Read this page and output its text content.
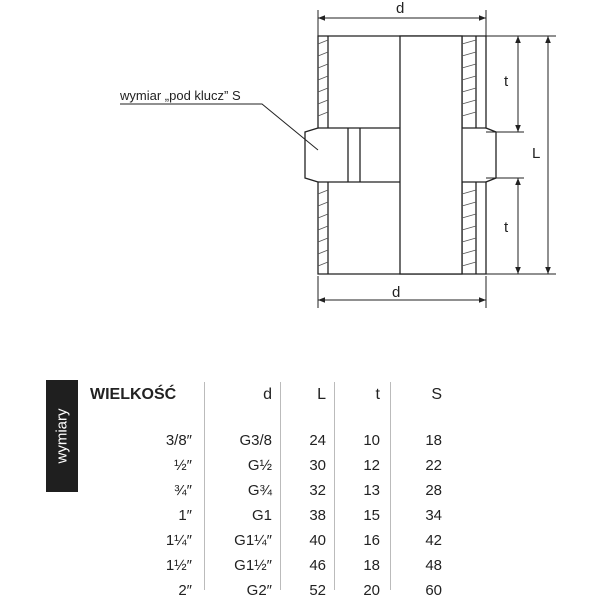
d
d
t
t
L
wymiar „pod klucz” S
wymiary
WIELKOŚĆ	d	L	t	S
3/8″	G3/8	24	10	18
½″	G½	30	12	22
¾″	G¾	32	13	28
1″	G1	38	15	34
1¼″	G1¼″	40	16	42
1½″	G1½″	46	18	48
2″	G2″	52	20	60
